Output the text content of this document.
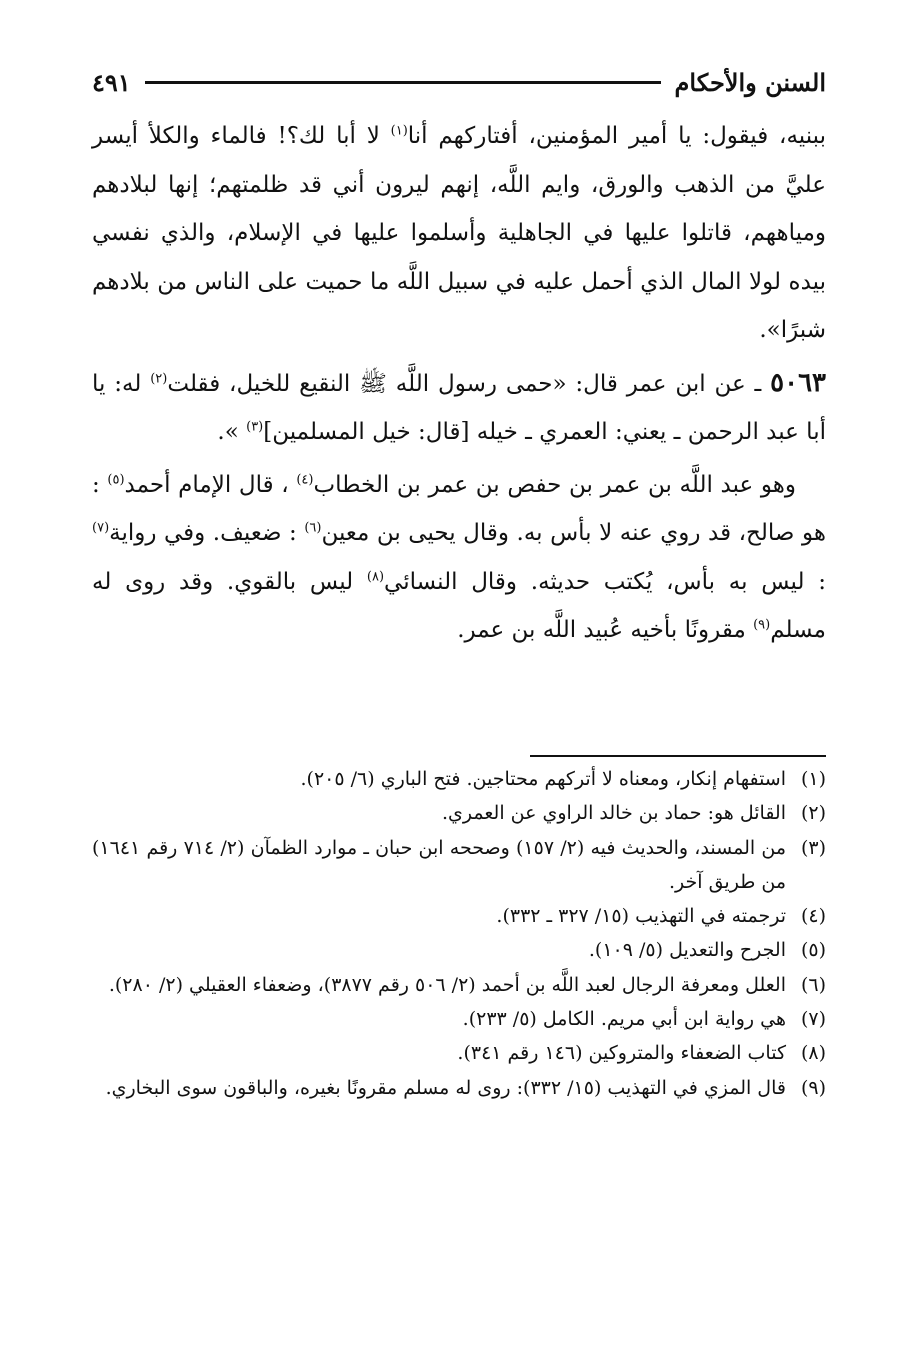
السنن والأحكام
٤٩١

ببنيه، فيقول: يا أمير المؤمنين، أفتاركهم أنا$^{(١)}$ لا أبا لك؟! فالماء والكلأ أيسر عليَّ من الذهب والورق، وايم اللَّه، إنهم ليرون أني قد ظلمتهم؛ إنها لبلادهم ومياههم، قاتلوا عليها في الجاهلية وأسلموا عليها في الإسلام، والذي نفسي بيده لولا المال الذي أحمل عليه في سبيل اللَّه ما حميت على الناس من بلادهم شبرًا».

٥٠٦٣ ـ عن ابن عمر قال: «حمى رسول اللَّه ﷺ النقيع للخيل، فقلت$^{(٢)}$ له: يا أبا عبد الرحمن ـ يعني: العمري ـ خيله [قال: خيل المسلمين]$^{(٣)}$ ».

وهو عبد اللَّه بن عمر بن حفص بن عمر بن الخطاب$^{(٤)}$ ، قال الإمام أحمد$^{(٥)}$ : هو صالح، قد روي عنه لا بأس به. وقال يحيى بن معين$^{(٦)}$ : ضعيف. وفي رواية$^{(٧)}$ : ليس به بأس، يُكتب حديثه. وقال النسائي$^{(٨)}$ ليس بالقوي. وقد روى له مسلم$^{(٩)}$ مقرونًا بأخيه عُبيد اللَّه بن عمر.

(١)استفهام إنكار، ومعناه لا أتركهم محتاجين. فتح الباري (٦/ ٢٠٥).
(٢)القائل هو: حماد بن خالد الراوي عن العمري.
(٣)من المسند، والحديث فيه (٢/ ١٥٧) وصححه ابن حبان ـ موارد الظمآن (٢/ ٧١٤ رقم ١٦٤١) من طريق آخر.
(٤)ترجمته في التهذيب (١٥/ ٣٢٧ ـ ٣٣٢).
(٥)الجرح والتعديل (٥/ ١٠٩).
(٦)العلل ومعرفة الرجال لعبد اللَّه بن أحمد (٢/ ٥٠٦ رقم ٣٨٧٧)، وضعفاء العقيلي (٢/ ٢٨٠).
(٧)هي رواية ابن أبي مريم. الكامل (٥/ ٢٣٣).
(٨)كتاب الضعفاء والمتروكين (١٤٦ رقم ٣٤١).
(٩)قال المزي في التهذيب (١٥/ ٣٣٢): روى له مسلم مقرونًا بغيره، والباقون سوى البخاري.
